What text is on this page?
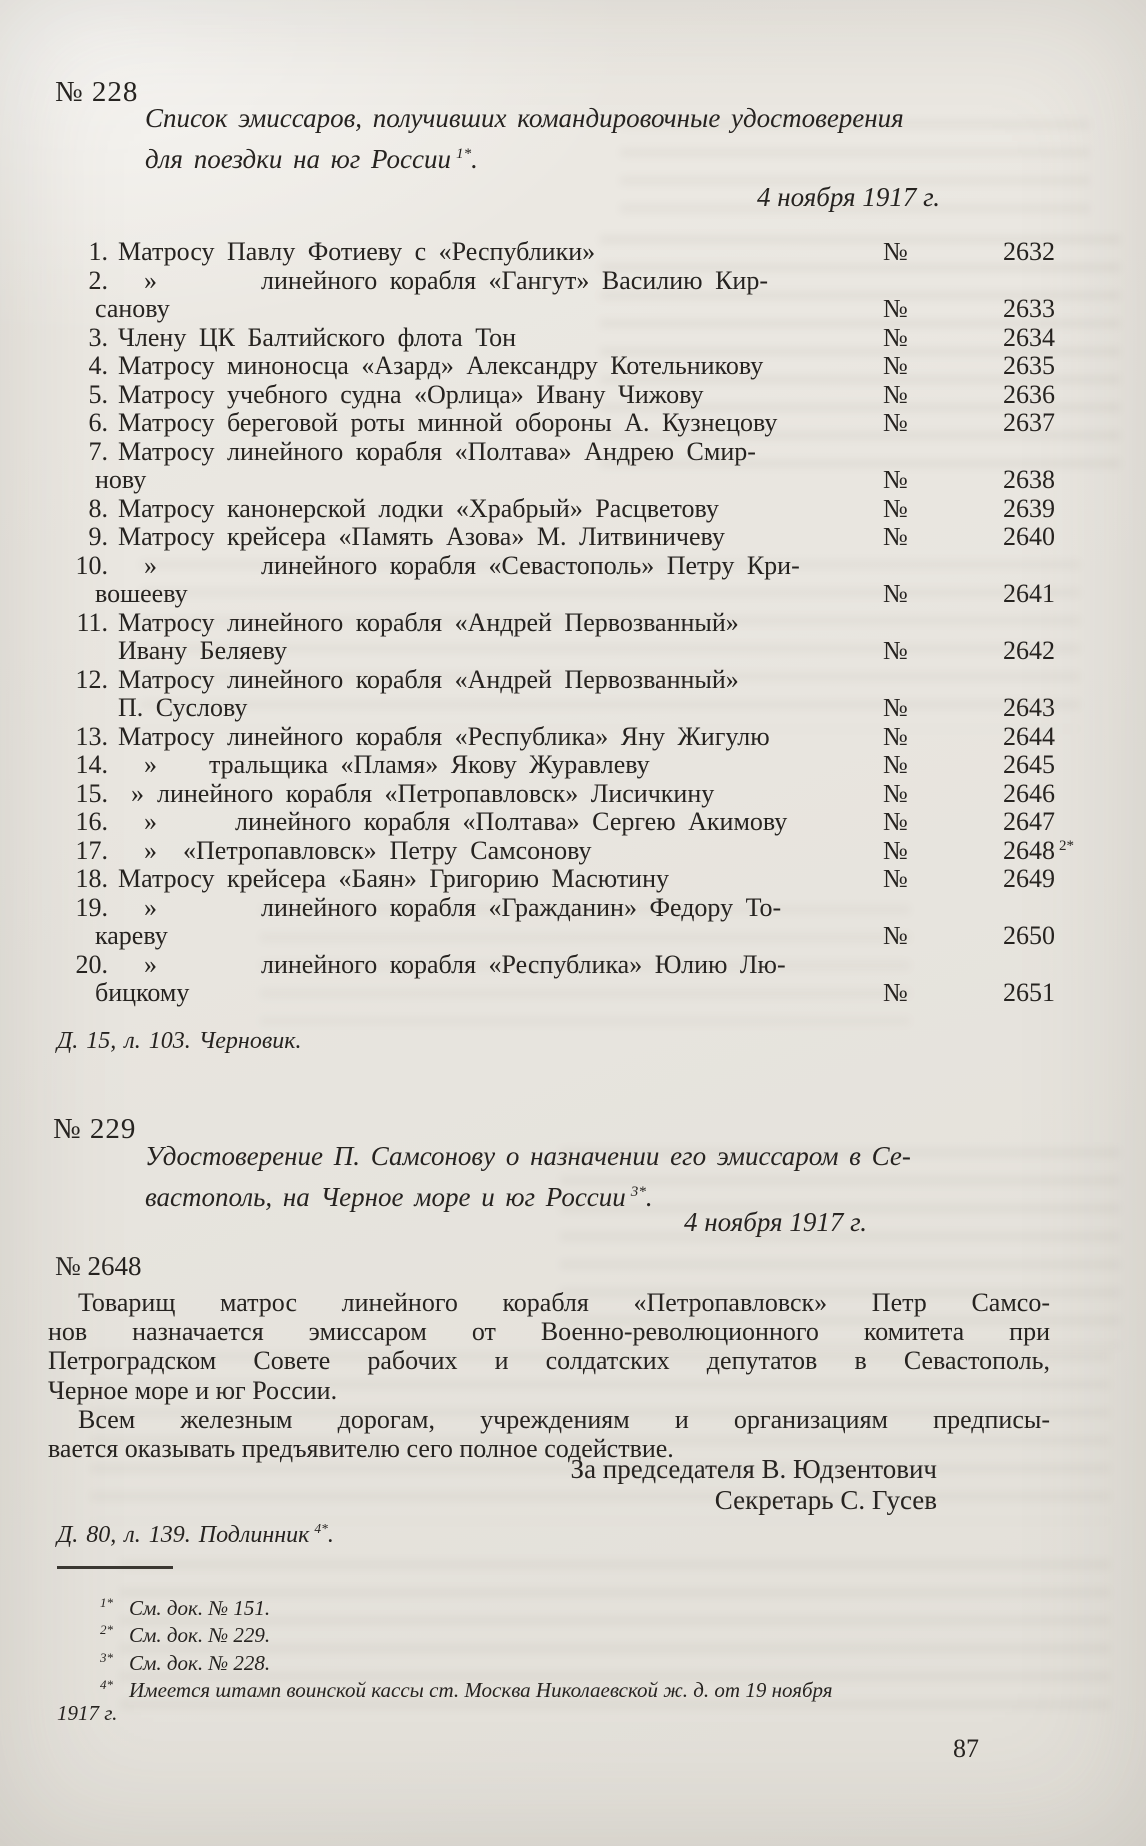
№ 228
Список эмиссаров, получивших командировочные удостоверения
для поездки на юг России $^{1*}$.
4 ноября 1917 г.
1. Матросу Павлу Фотиеву с «Республики»	№	2632
2.   »    линейного корабля «Гангут» Василию Кир-
санову	№	2633
3. Члену ЦК Балтийского флота Тон	№	2634
4. Матросу миноносца «Азард» Александру Котельникову	№	2635
5. Матросу учебного судна «Орлица» Ивану Чижову	№	2636
6. Матросу береговой роты минной обороны А. Кузнецову	№	2637
7. Матросу линейного корабля «Полтава» Андрею Смир-
нову	№	2638
8. Матросу канонерской лодки «Храбрый» Расцветову	№	2639
9. Матросу крейсера «Память Азова» М. Литвиничеву	№	2640
10.   »    линейного корабля «Севастополь» Петру Кри-
вошееву	№	2641
11. Матросу линейного корабля «Андрей Первозванный»
Ивану Беляеву	№	2642
12. Матросу линейного корабля «Андрей Первозванный»
П. Суслову	№	2643
13. Матросу линейного корабля «Республика» Яну Жигулю	№	2644
14.   »  тральщика «Пламя» Якову Журавлеву	№	2645
15.  » линейного корабля «Петропавловск» Лисичкину	№	2646
16.   »   линейного корабля «Полтава» Сергею Акимову	№	2647
17.   » «Петропавловск» Петру Самсонову	№	2648 2*
18. Матросу крейсера «Баян» Григорию Масютину	№	2649
19.   »    линейного корабля «Гражданин» Федору То-
кареву	№	2650
20.   »    линейного корабля «Республика» Юлию Лю-
бицкому	№	2651
Д. 15, л. 103. Черновик.
№ 229
Удостоверение П. Самсонову о назначении его эмиссаром в Се-
вастополь, на Черное море и юг России $^{3*}$.
4 ноября 1917 г.
№ 2648
Товарищ матрос линейного корабля «Петропавловск» Петр Самсо-
нов назначается эмиссаром от Военно-революционного комитета при
Петроградском Совете рабочих и солдатских депутатов в Севастополь,
Черное море и юг России.
Всем железным дорогам, учреждениям и организациям предписы-
вается оказывать предъявителю сего полное содействие.
За председателя В. Юдзентович
Секретарь С. Гусев
Д. 80, л. 139. Подлинник $^{4*}$.
$^{1*}$ См. док. № 151.
$^{2*}$ См. док. № 229.
$^{3*}$ См. док. № 228.
$^{4*}$ Имеется штамп воинской кассы ст. Москва Николаевской ж. д. от 19 ноября
1917 г.
87
